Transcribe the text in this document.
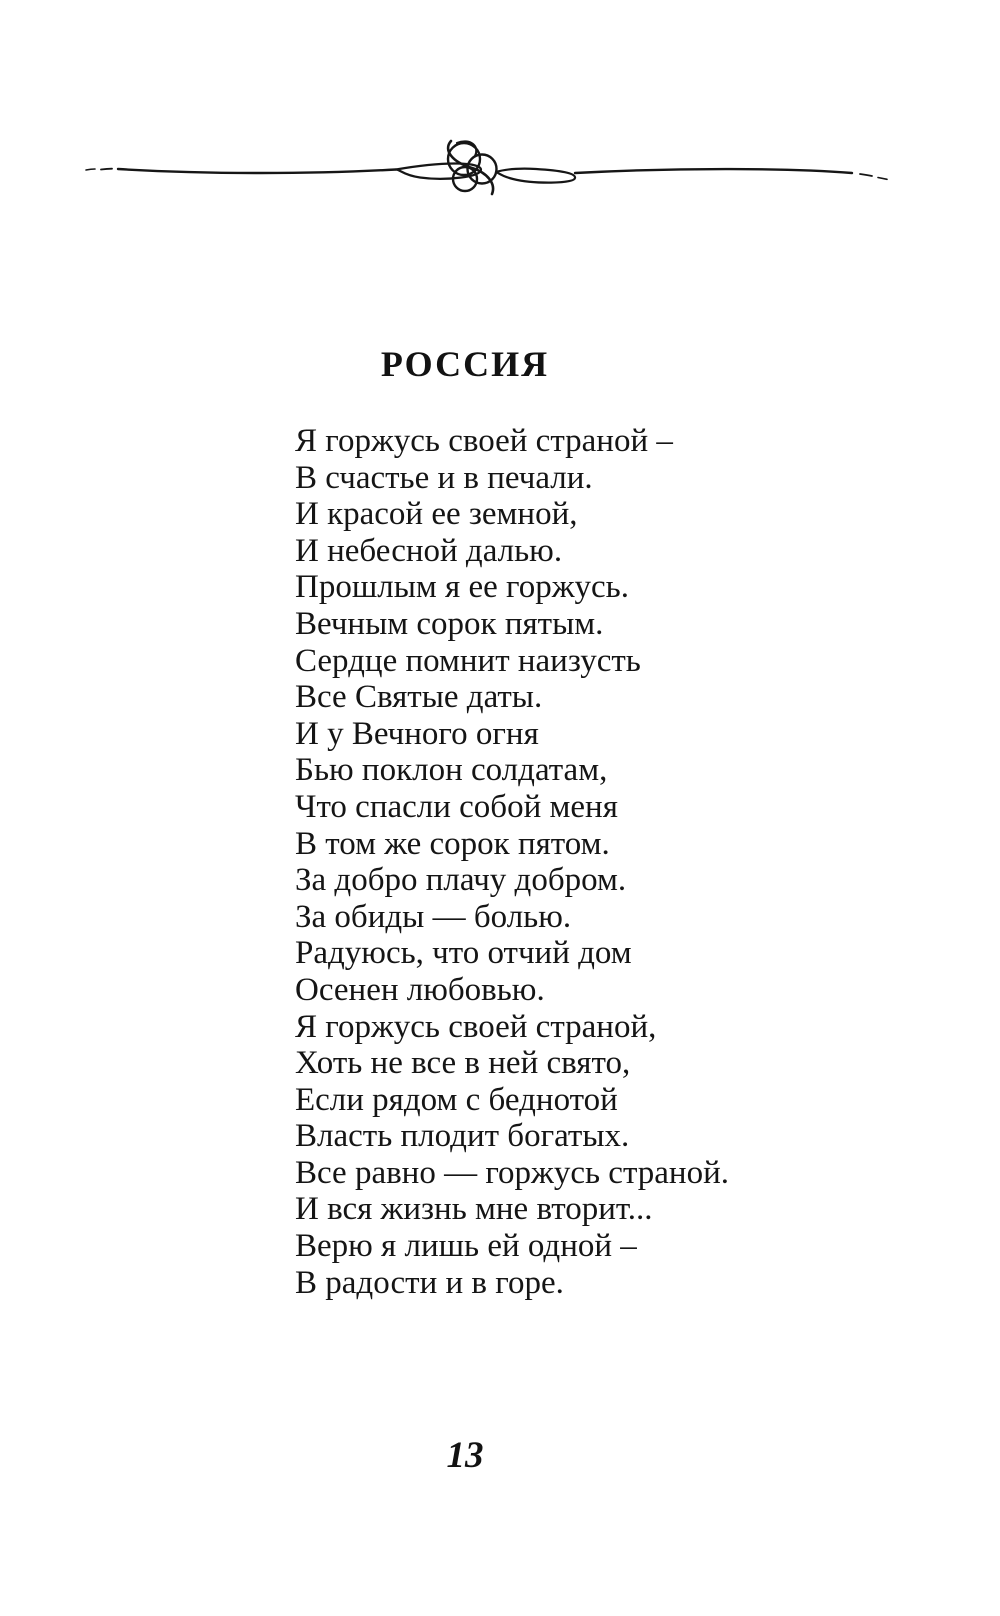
РОССИЯ
Я горжусь своей страной –
В счастье и в печали.
И красой ее земной,
И небесной далью.
Прошлым я ее горжусь.
Вечным сорок пятым.
Сердце помнит наизусть
Все Святые даты.
И у Вечного огня
Бью поклон солдатам,
Что спасли собой меня
В том же сорок пятом.
За добро плачу добром.
За обиды — болью.
Радуюсь, что отчий дом
Осенен любовью.
Я горжусь своей страной,
Хоть не все в ней свято,
Если рядом с беднотой
Власть плодит богатых.
Все равно — горжусь страной.
И вся жизнь мне вторит...
Верю я лишь ей одной –
В радости и в горе.
13
